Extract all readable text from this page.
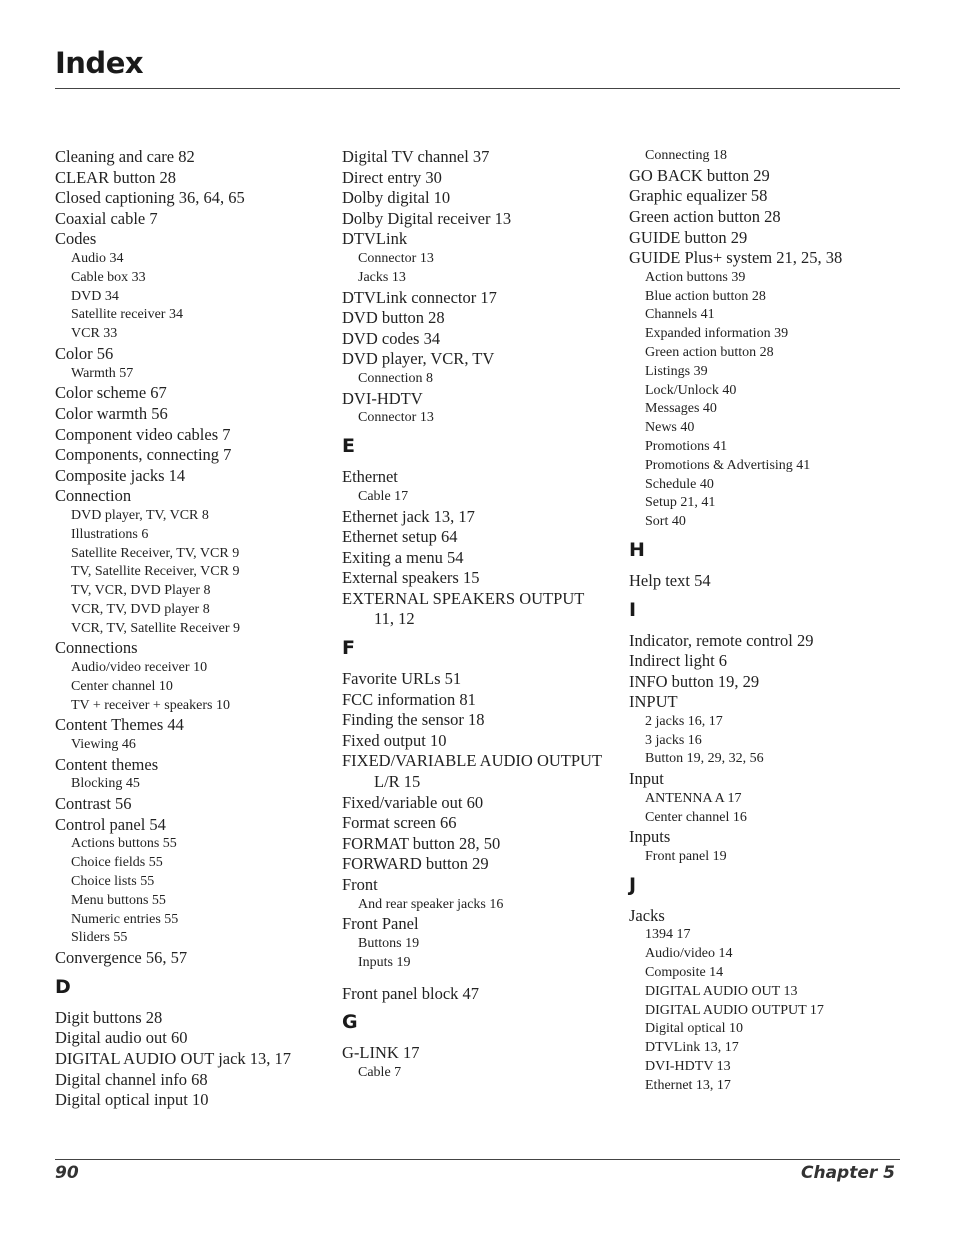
Index
Cleaning and care 82
CLEAR button 28
Closed captioning 36, 64, 65
Coaxial cable 7
Codes
Audio 34
Cable box 33
DVD 34
Satellite receiver 34
VCR 33
Color 56
Warmth 57
Color scheme 67
Color warmth 56
Component video cables 7
Components, connecting 7
Composite jacks 14
Connection
DVD player, TV, VCR 8
Illustrations 6
Satellite Receiver, TV, VCR 9
TV, Satellite Receiver, VCR 9
TV, VCR, DVD Player 8
VCR, TV, DVD player 8
VCR, TV, Satellite Receiver 9
Connections
Audio/video receiver 10
Center channel 10
TV + receiver + speakers 10
Content Themes 44
Viewing 46
Content themes
Blocking 45
Contrast 56
Control panel 54
Actions buttons 55
Choice fields 55
Choice lists 55
Menu buttons 55
Numeric entries 55
Sliders 55
Convergence 56, 57
D
Digit buttons 28
Digital audio out 60
DIGITAL AUDIO OUT jack 13, 17
Digital channel info 68
Digital optical input 10
Digital TV channel 37
Direct entry 30
Dolby digital 10
Dolby Digital receiver 13
DTVLink
Connector 13
Jacks 13
DTVLink connector 17
DVD button 28
DVD codes 34
DVD player, VCR, TV
Connection 8
DVI-HDTV
Connector 13
E
Ethernet
Cable 17
Ethernet jack 13, 17
Ethernet setup 64
Exiting a menu 54
External speakers 15
EXTERNAL SPEAKERS OUTPUT
11, 12
F
Favorite URLs 51
FCC information 81
Finding the sensor 18
Fixed output 10
FIXED/VARIABLE AUDIO OUTPUT
L/R 15
Fixed/variable out 60
Format screen 66
FORMAT button 28, 50
FORWARD button 29
Front
And rear speaker jacks 16
Front Panel
Buttons 19
Inputs 19
Front panel block 47
G
G-LINK 17
Cable 7
Connecting 18
GO BACK button 29
Graphic equalizer 58
Green action button 28
GUIDE button 29
GUIDE Plus+ system 21, 25, 38
Action buttons 39
Blue action button 28
Channels 41
Expanded information 39
Green action button 28
Listings 39
Lock/Unlock 40
Messages 40
News 40
Promotions 41
Promotions & Advertising 41
Schedule 40
Setup 21, 41
Sort 40
H
Help text 54
I
Indicator, remote control 29
Indirect light 6
INFO button 19, 29
INPUT
2 jacks 16, 17
3 jacks 16
Button 19, 29, 32, 56
Input
ANTENNA A 17
Center channel 16
Inputs
Front panel 19
J
Jacks
1394 17
Audio/video 14
Composite 14
DIGITAL AUDIO OUT 13
DIGITAL AUDIO OUTPUT 17
Digital optical 10
DTVLink 13, 17
DVI-HDTV 13
Ethernet 13, 17
90	Chapter 5
